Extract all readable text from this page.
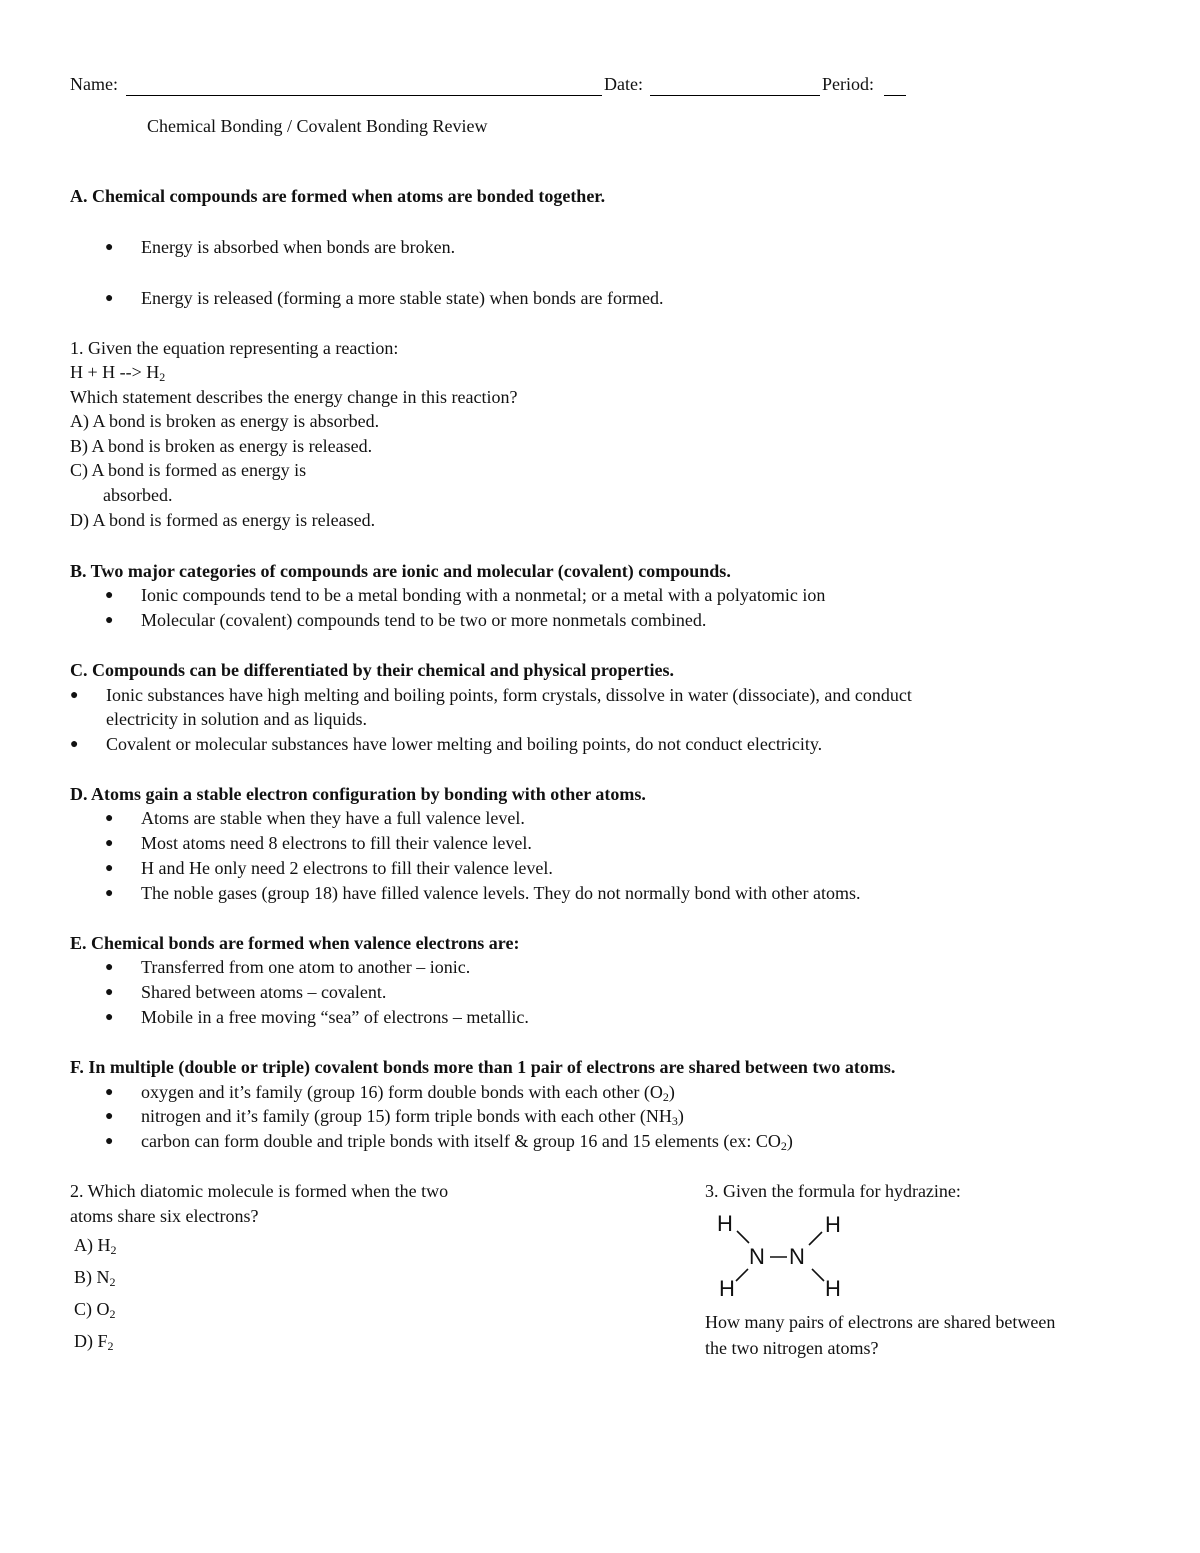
Name:	Date:	Period:
Chemical Bonding / Covalent Bonding Review
A. Chemical compounds are formed when atoms are bonded together.
● Energy is absorbed when bonds are broken.
● Energy is released (forming a more stable state) when bonds are formed.
1. Given the equation representing a reaction:
H + H --> $H_2$
Which statement describes the energy change in this reaction?
A) A bond is broken as energy is absorbed.
B) A bond is broken as energy is released.
C) A bond is formed as energy is
absorbed.
D) A bond is formed as energy is released.
B. Two major categories of compounds are ionic and molecular (covalent) compounds.
● Ionic compounds tend to be a metal bonding with a nonmetal; or a metal with a polyatomic ion
● Molecular (covalent) compounds tend to be two or more nonmetals combined.
C. Compounds can be differentiated by their chemical and physical properties.
● Ionic substances have high melting and boiling points, form crystals, dissolve in water (dissociate), and conduct
electricity in solution and as liquids.
● Covalent or molecular substances have lower melting and boiling points, do not conduct electricity.
D. Atoms gain a stable electron configuration by bonding with other atoms.
● Atoms are stable when they have a full valence level.
● Most atoms need 8 electrons to fill their valence level.
● H and He only need 2 electrons to fill their valence level.
● The noble gases (group 18) have filled valence levels. They do not normally bond with other atoms.
E. Chemical bonds are formed when valence electrons are:
● Transferred from one atom to another – ionic.
● Shared between atoms – covalent.
● Mobile in a free moving “sea” of electrons – metallic.
F. In multiple (double or triple) covalent bonds more than 1 pair of electrons are shared between two atoms.
● oxygen and it’s family (group 16) form double bonds with each other $(O_2)$
● nitrogen and it’s family (group 15) form triple bonds with each other $(NH_3)$
● carbon can form double and triple bonds with itself & group 16 and 15 elements (ex: $CO_2$)
2. Which diatomic molecule is formed when the two
atoms share six electrons?
A) $H_2$
B) $N_2$
C) $O_2$
D) $F_2$
3. Given the formula for hydrazine:
H	H
H	H
N N
How many pairs of electrons are shared between
the two nitrogen atoms?
